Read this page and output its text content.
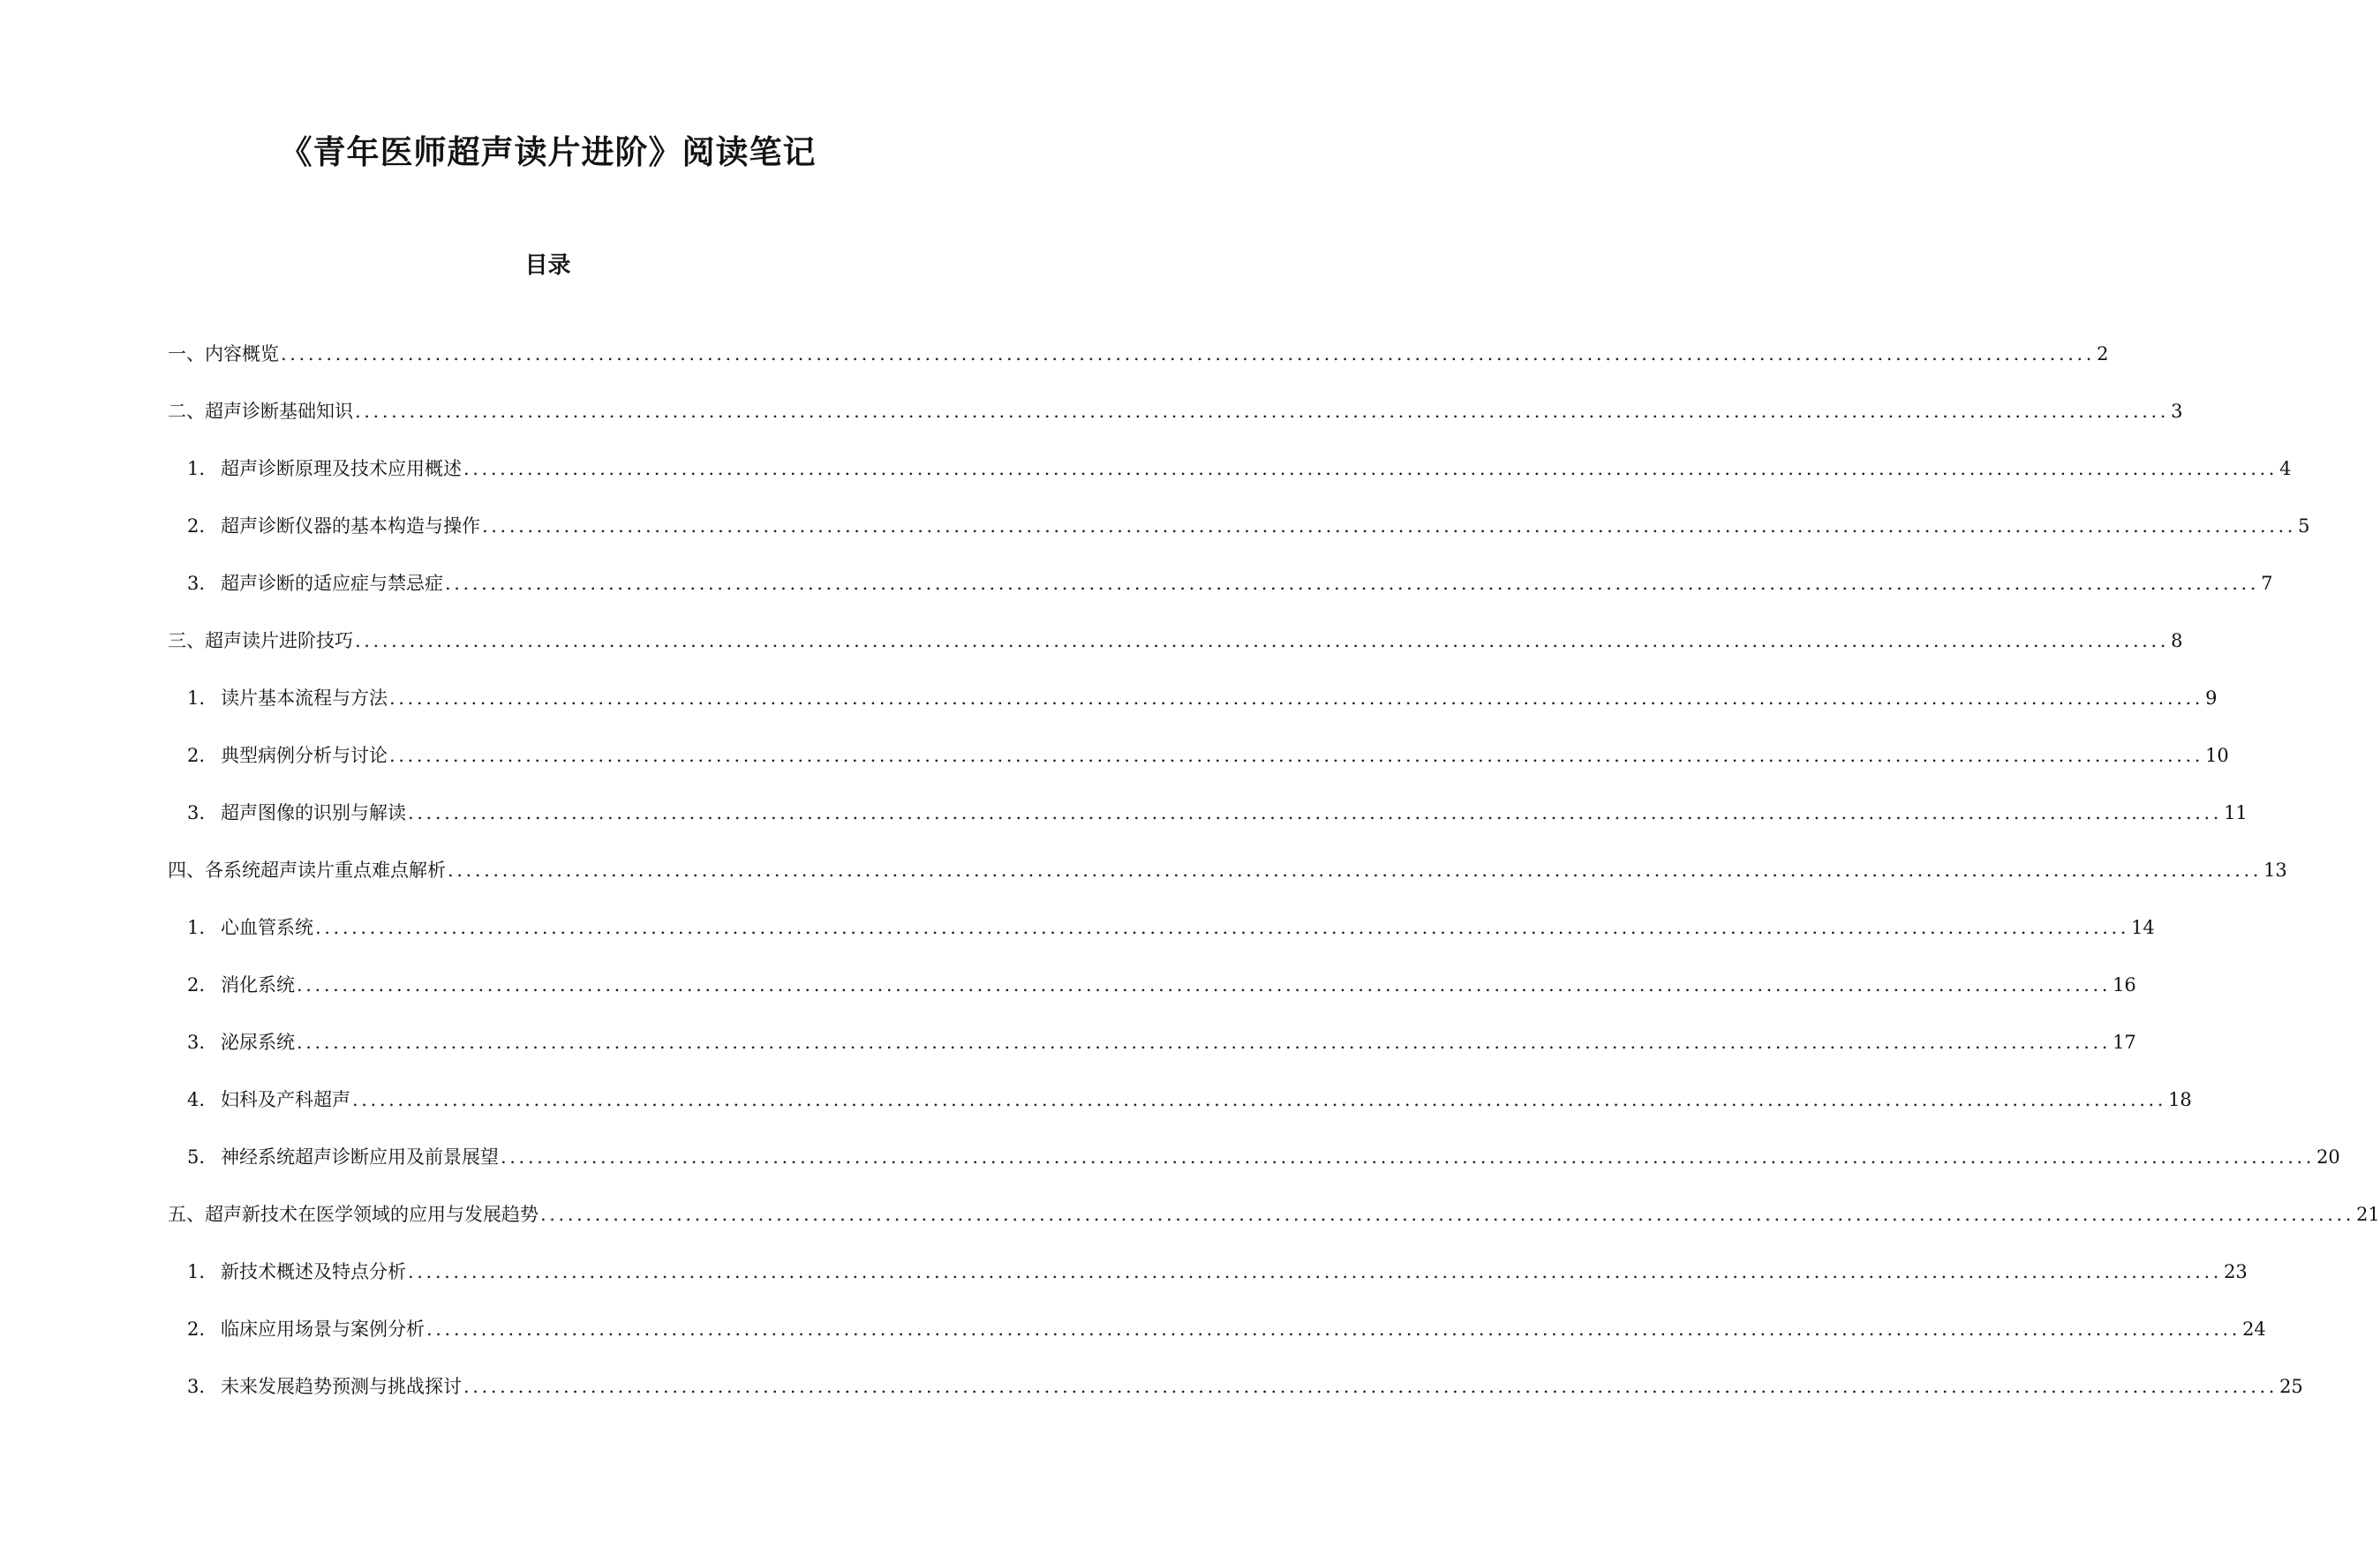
《青年医师超声读片进阶》阅读笔记
目录
一、内容概览 ........................................................................................................................................................................................................ 2
二、超声诊断基础知识 ........................................................................................................................................................................................................ 3
1. 超声诊断原理及技术应用概述 ........................................................................................................................................................................................................ 4
2. 超声诊断仪器的基本构造与操作 ........................................................................................................................................................................................................ 5
3. 超声诊断的适应症与禁忌症 ........................................................................................................................................................................................................ 7
三、超声读片进阶技巧 ........................................................................................................................................................................................................ 8
1. 读片基本流程与方法 ........................................................................................................................................................................................................ 9
2. 典型病例分析与讨论 ........................................................................................................................................................................................................ 10
3. 超声图像的识别与解读 ........................................................................................................................................................................................................ 11
四、各系统超声读片重点难点解析 ........................................................................................................................................................................................................ 13
1. 心血管系统 ........................................................................................................................................................................................................ 14
2. 消化系统 ........................................................................................................................................................................................................ 16
3. 泌尿系统 ........................................................................................................................................................................................................ 17
4. 妇科及产科超声 ........................................................................................................................................................................................................ 18
5. 神经系统超声诊断应用及前景展望 ........................................................................................................................................................................................................ 20
五、超声新技术在医学领域的应用与发展趋势 ........................................................................................................................................................................................................ 21
1. 新技术概述及特点分析 ........................................................................................................................................................................................................ 23
2. 临床应用场景与案例分析 ........................................................................................................................................................................................................ 24
3. 未来发展趋势预测与挑战探讨 ........................................................................................................................................................................................................ 25
